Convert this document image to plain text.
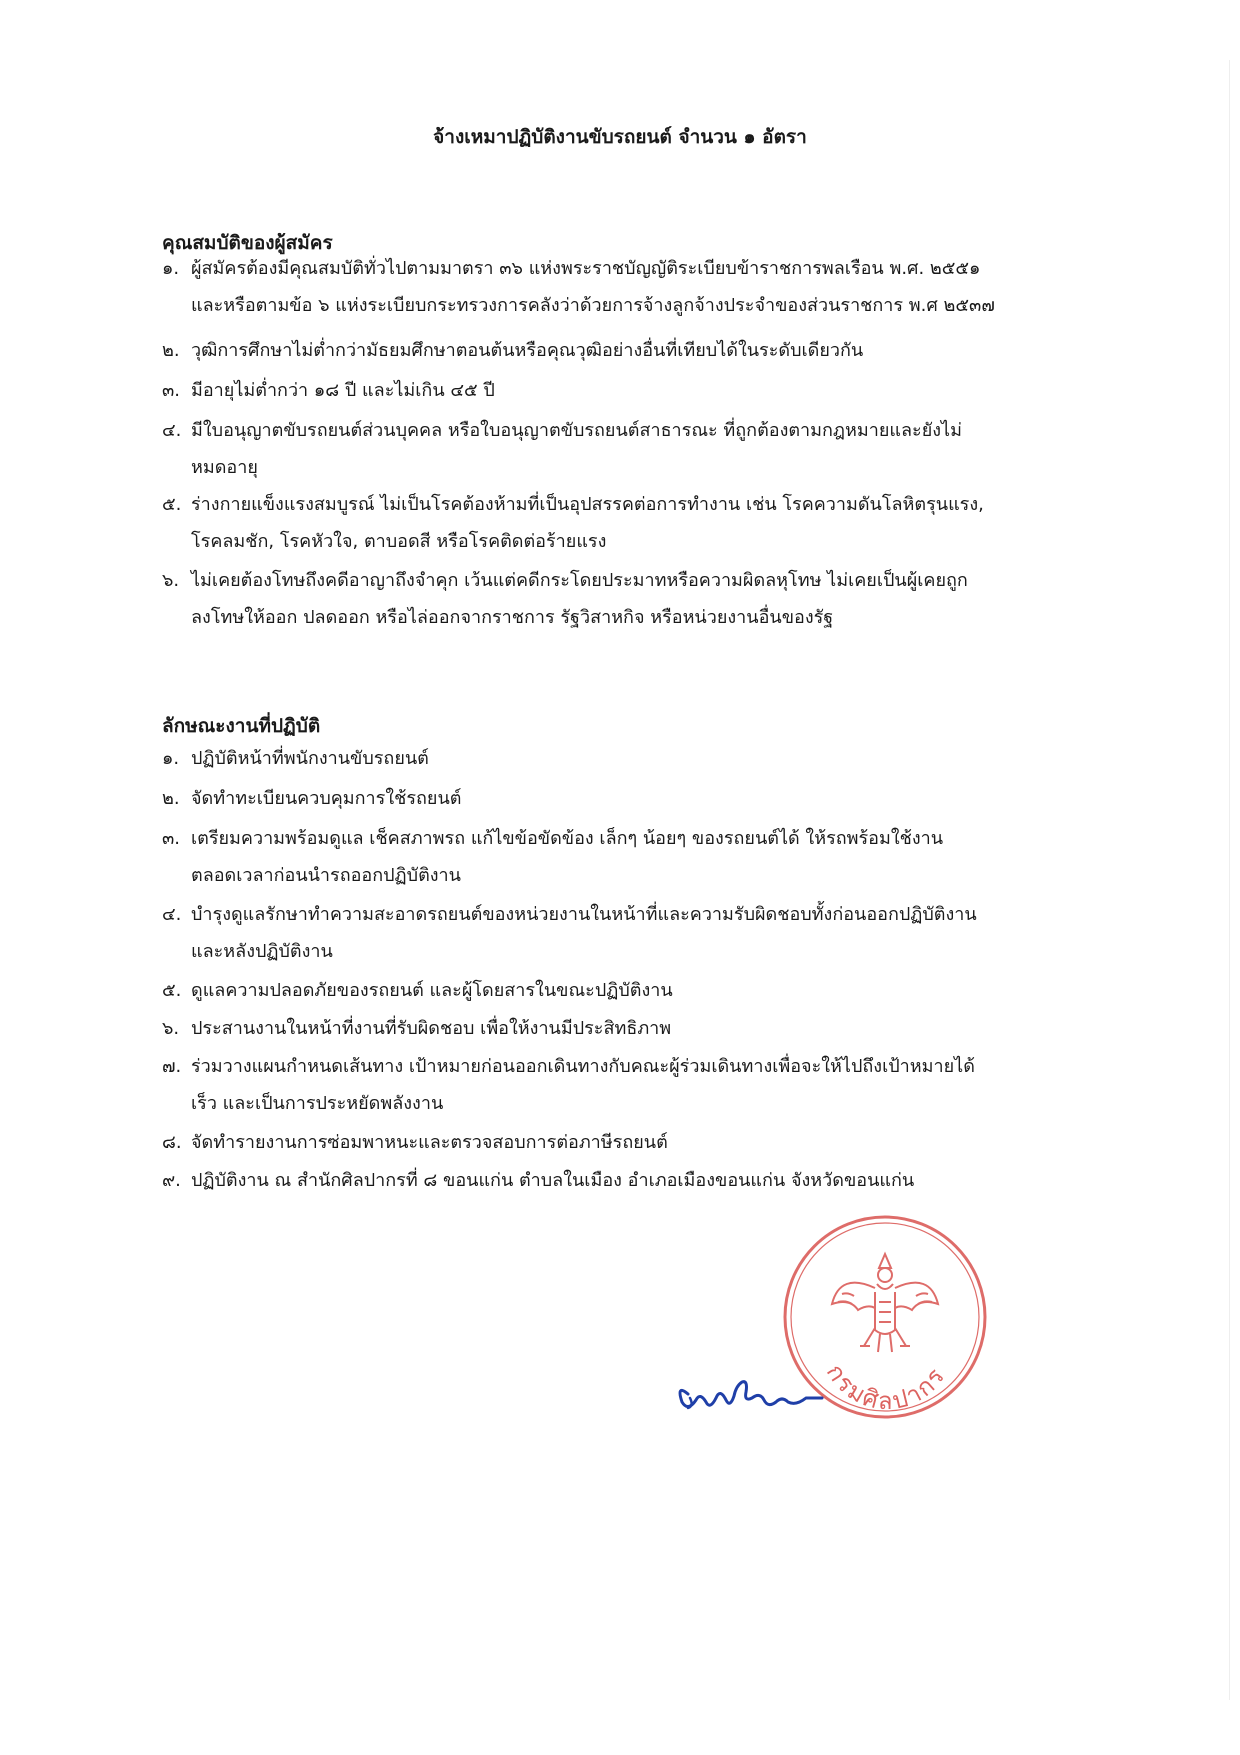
จ้างเหมาปฏิบัติงานขับรถยนต์ จำนวน ๑ อัตรา
คุณสมบัติของผู้สมัคร
๑. ผู้สมัครต้องมีคุณสมบัติทั่วไปตามมาตรา ๓๖ แห่งพระราชบัญญัติระเบียบข้าราชการพลเรือน พ.ศ. ๒๕๕๑
และหรือตามข้อ ๖ แห่งระเบียบกระทรวงการคลังว่าด้วยการจ้างลูกจ้างประจำของส่วนราชการ พ.ศ ๒๕๓๗
๒. วุฒิการศึกษาไม่ต่ำกว่ามัธยมศึกษาตอนต้นหรือคุณวุฒิอย่างอื่นที่เทียบได้ในระดับเดียวกัน
๓. มีอายุไม่ต่ำกว่า ๑๘ ปี และไม่เกิน ๔๕ ปี
๔. มีใบอนุญาตขับรถยนต์ส่วนบุคคล หรือใบอนุญาตขับรถยนต์สาธารณะ ที่ถูกต้องตามกฎหมายและยังไม่
หมดอายุ
๕. ร่างกายแข็งแรงสมบูรณ์ ไม่เป็นโรคต้องห้ามที่เป็นอุปสรรคต่อการทำงาน เช่น โรคความดันโลหิตรุนแรง,
โรคลมชัก, โรคหัวใจ, ตาบอดสี หรือโรคติดต่อร้ายแรง
๖. ไม่เคยต้องโทษถึงคดีอาญาถึงจำคุก เว้นแต่คดีกระโดยประมาทหรือความผิดลหุโทษ ไม่เคยเป็นผู้เคยถูก
ลงโทษให้ออก ปลดออก หรือไล่ออกจากราชการ รัฐวิสาหกิจ หรือหน่วยงานอื่นของรัฐ
ลักษณะงานที่ปฏิบัติ
๑. ปฏิบัติหน้าที่พนักงานขับรถยนต์
๒. จัดทำทะเบียนควบคุมการใช้รถยนต์
๓. เตรียมความพร้อมดูแล เช็คสภาพรถ แก้ไขข้อขัดข้อง เล็กๆ น้อยๆ ของรถยนต์ได้ ให้รถพร้อมใช้งาน
ตลอดเวลาก่อนนำรถออกปฏิบัติงาน
๔. บำรุงดูแลรักษาทำความสะอาดรถยนต์ของหน่วยงานในหน้าที่และความรับผิดชอบทั้งก่อนออกปฏิบัติงาน
และหลังปฏิบัติงาน
๕. ดูแลความปลอดภัยของรถยนต์ และผู้โดยสารในขณะปฏิบัติงาน
๖. ประสานงานในหน้าที่งานที่รับผิดชอบ เพื่อให้งานมีประสิทธิภาพ
๗. ร่วมวางแผนกำหนดเส้นทาง เป้าหมายก่อนออกเดินทางกับคณะผู้ร่วมเดินทางเพื่อจะให้ไปถึงเป้าหมายได้
เร็ว และเป็นการประหยัดพลังงาน
๘. จัดทำรายงานการซ่อมพาหนะและตรวจสอบการต่อภาษีรถยนต์
๙. ปฏิบัติงาน ณ สำนักศิลปากรที่ ๘ ขอนแก่น ตำบลในเมือง อำเภอเมืองขอนแก่น จังหวัดขอนแก่น
กรมศิลปากร
